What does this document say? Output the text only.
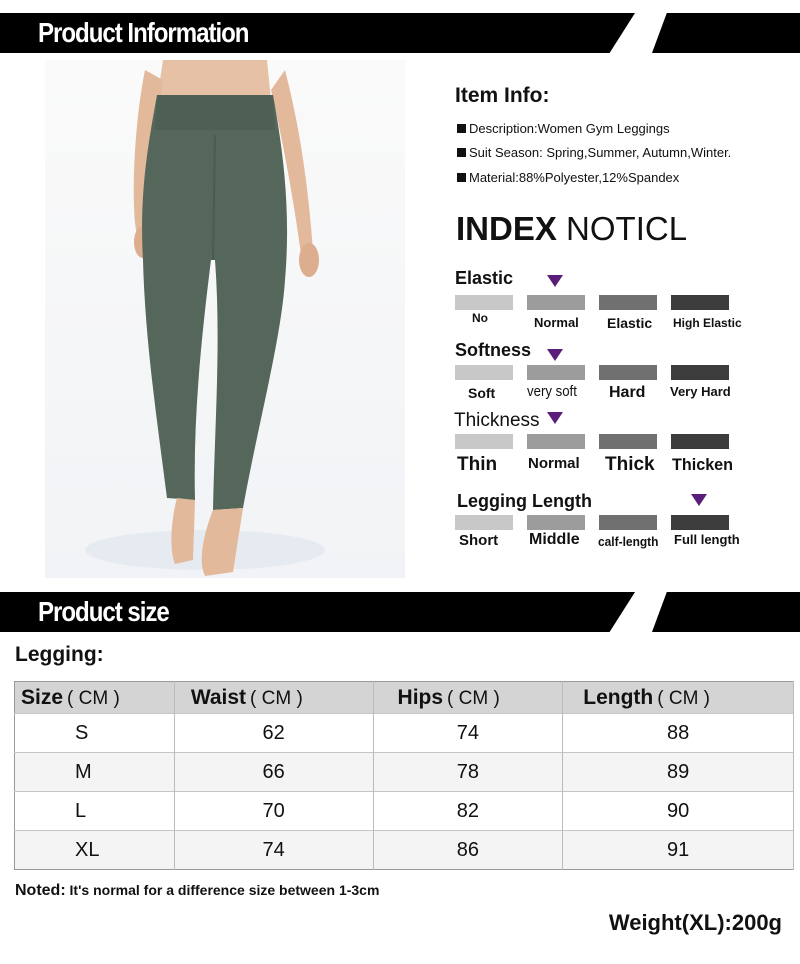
Product Information
Item Info:
Description:Women Gym Leggings
Suit Season: Spring,Summer, Autumn,Winter.
Material:88%Polyester,12%Spandex
INDEX NOTICL
Elastic
No	Normal Elastic High Elastic
Softness
Soft very soft Hard Very Hard
Thickness
Thin Normal Thick Thicken
Legging Length
Short Middle calf-length Full length
Product size
Legging:
Size ( CM )	Waist ( CM )	Hips ( CM )	Length ( CM )
S	62	74	88
M	66	78	89
L	70	82	90
XL	74	86	91
Noted: It's normal for a difference size between 1-3cm
Weight(XL):200g
